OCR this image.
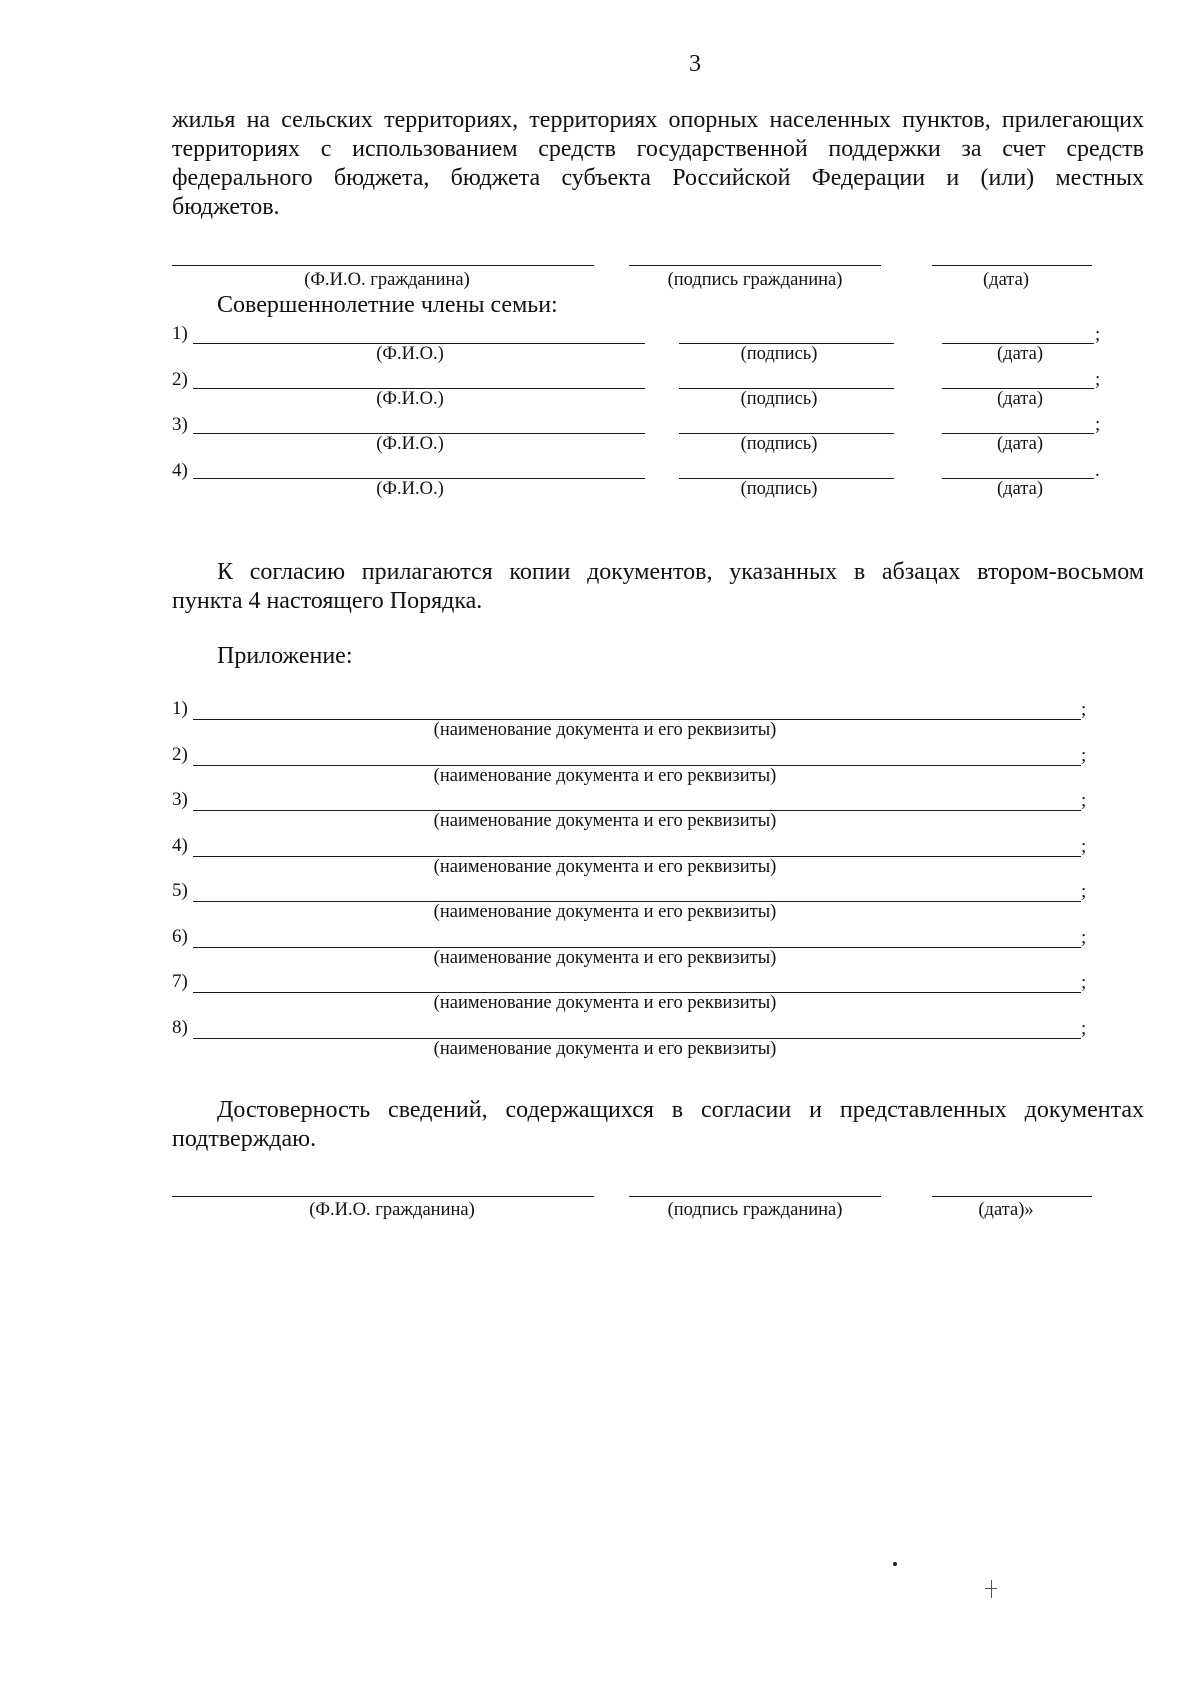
3
жилья на сельских территориях, территориях опорных населенных пунктов, прилегающих
территориях с использованием средств государственной поддержки за счет средств
федерального бюджета, бюджета субъекта Российской Федерации и (или) местных
бюджетов.
(Ф.И.О. гражданина)	(подпись гражданина)	(дата)
Совершеннолетние члены семьи:
1)	;
(Ф.И.О.)	(подпись)	(дата)
2)	;
(Ф.И.О.)	(подпись)	(дата)
3)	;
(Ф.И.О.)	(подпись)	(дата)
4)	.
(Ф.И.О.)	(подпись)	(дата)
К согласию прилагаются копии документов, указанных в абзацах втором-восьмом
пункта 4 настоящего Порядка.
Приложение:
1)	;
(наименование документа и его реквизиты)
2)	;
(наименование документа и его реквизиты)
3)	;
(наименование документа и его реквизиты)
4)	;
(наименование документа и его реквизиты)
5)	;
(наименование документа и его реквизиты)
6)	;
(наименование документа и его реквизиты)
7)	;
(наименование документа и его реквизиты)
8)	;
(наименование документа и его реквизиты)
Достоверность сведений, содержащихся в согласии и представленных документах
подтверждаю.
(Ф.И.О. гражданина)	(подпись гражданина)	(дата)»
